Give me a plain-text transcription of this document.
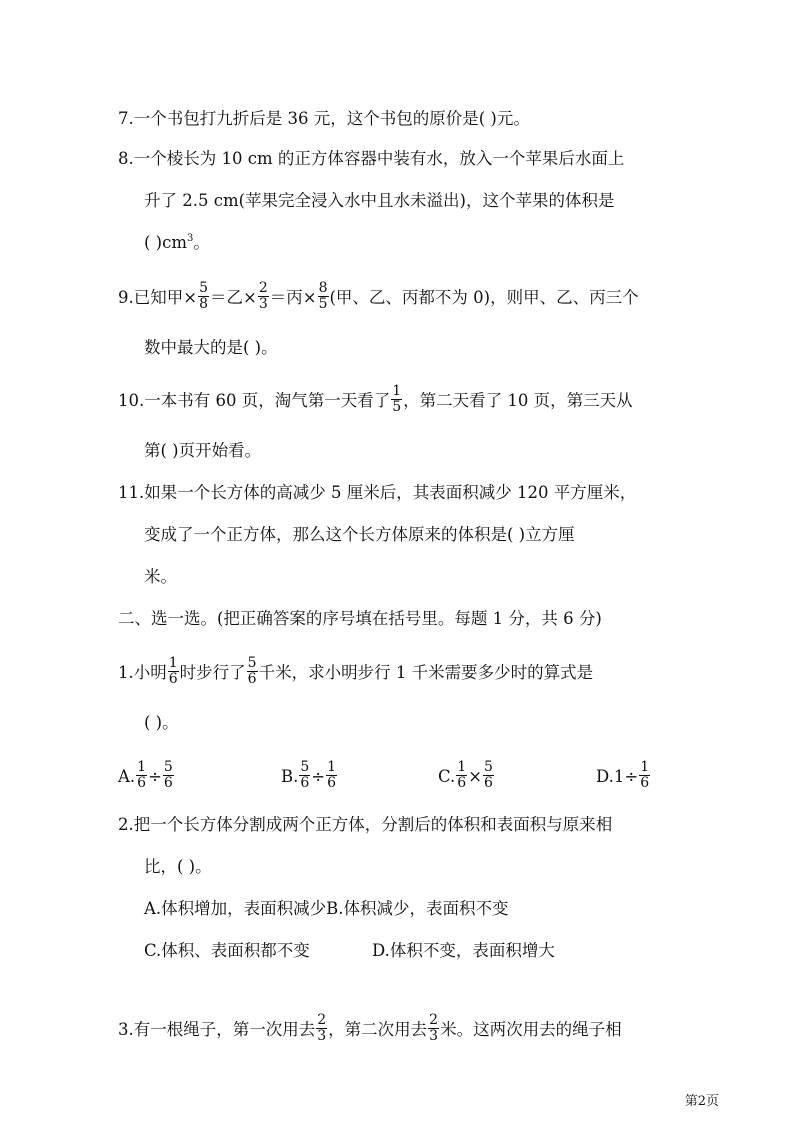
7.一个书包打九折后是 36 元，这个书包的原价是( )元。
8.一个棱长为 10 cm 的正方体容器中装有水，放入一个苹果后水面上
升了 2.5 cm(苹果完全浸入水中且水未溢出)，这个苹果的体积是
( )$cm^3$。
9.已知甲× $\frac{5}{8}$ ＝乙× $\frac{2}{3}$ ＝丙× $\frac{8}{5}$ (甲、乙、丙都不为 0)，则甲、乙、丙三个
数中最大的是( )。
10.一本书有 60 页，淘气第一天看了 $\frac{1}{5}$ ，第二天看了 10 页，第三天从
第( )页开始看。
11.如果一个长方体的高减少 5 厘米后，其表面积减少 120 平方厘米，
变成了一个正方体，那么这个长方体原来的体积是( )立方厘
米。
二、选一选。(把正确答案的序号填在括号里。每题 1 分，共 6 分)
1.小明 $\frac{1}{6}$ 时步行了 $\frac{5}{6}$ 千米，求小明步行 1 千米需要多少时的算式是
( )。
A. $\frac{1}{6} \div \frac{5}{6}$	B. $\frac{5}{6} \div \frac{1}{6}$	C. $\frac{1}{6} \times \frac{5}{6}$	$D.1\div \frac{1}{6}$
2.把一个长方体分割成两个正方体，分割后的体积和表面积与原来相
比，( )。
A.体积增加，表面积减少B.体积减少，表面积不变
C.体积、表面积都不变	D.体积不变，表面积增大
3.有一根绳子，第一次用去 $\frac{2}{3}$ ，第二次用去 $\frac{2}{3}$ 米。这两次用去的绳子相
第2页
